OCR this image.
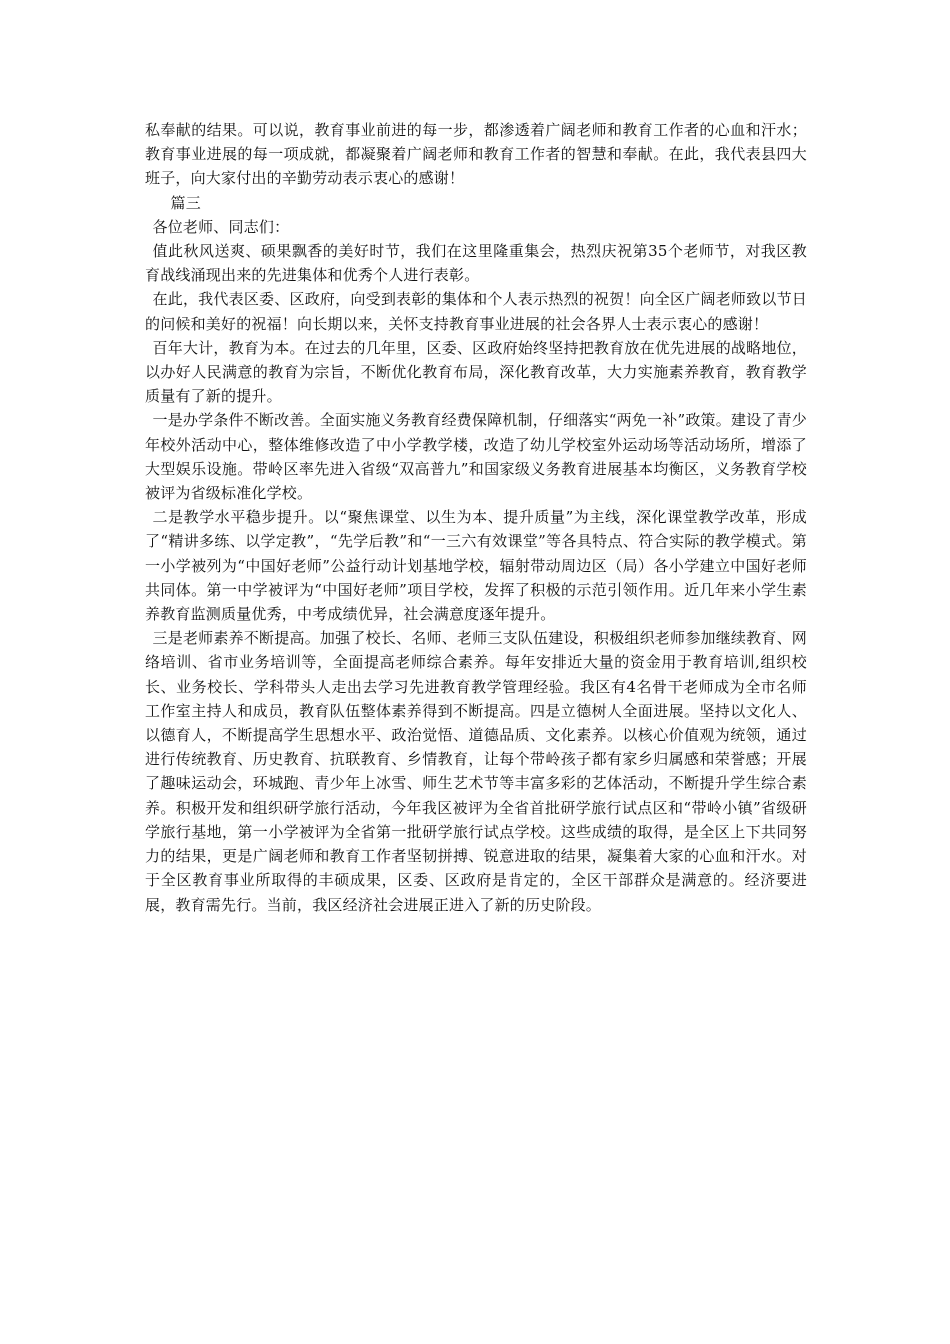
私奉献的结果。可以说，教育事业前进的每一步，都渗透着广阔老师和教育工作者的心血和汗水；教育事业进展的每一项成就，都凝聚着广阔老师和教育工作者的智慧和奉献。在此，我代表县四大班子，向大家付出的辛勤劳动表示衷心的感谢！

篇三

各位老师、同志们：

值此秋风送爽、硕果飘香的美好时节，我们在这里隆重集会，热烈庆祝第35个老师节，对我区教育战线涌现出来的先进集体和优秀个人进行表彰。

在此，我代表区委、区政府，向受到表彰的集体和个人表示热烈的祝贺！向全区广阔老师致以节日的问候和美好的祝福！向长期以来，关怀支持教育事业进展的社会各界人士表示衷心的感谢！

百年大计，教育为本。在过去的几年里，区委、区政府始终坚持把教育放在优先进展的战略地位，以办好人民满意的教育为宗旨，不断优化教育布局，深化教育改革，大力实施素养教育，教育教学质量有了新的提升。

一是办学条件不断改善。全面实施义务教育经费保障机制，仔细落实“两免一补”政策。建设了青少年校外活动中心，整体维修改造了中小学教学楼，改造了幼儿学校室外运动场等活动场所，增添了大型娱乐设施。带岭区率先进入省级“双高普九”和国家级义务教育进展基本均衡区，义务教育学校被评为省级标准化学校。

二是教学水平稳步提升。以“聚焦课堂、以生为本、提升质量”为主线，深化课堂教学改革，形成了“精讲多练、以学定教”，“先学后教”和“一三六有效课堂”等各具特点、符合实际的教学模式。第一小学被列为“中国好老师”公益行动计划基地学校，辐射带动周边区（局）各小学建立中国好老师共同体。第一中学被评为“中国好老师”项目学校，发挥了积极的示范引领作用。近几年来小学生素养教育监测质量优秀，中考成绩优异，社会满意度逐年提升。

三是老师素养不断提高。加强了校长、名师、老师三支队伍建设，积极组织老师参加继续教育、网络培训、省市业务培训等，全面提高老师综合素养。每年安排近大量的资金用于教育培训,组织校长、业务校长、学科带头人走出去学习先进教育教学管理经验。我区有4名骨干老师成为全市名师工作室主持人和成员，教育队伍整体素养得到不断提高。四是立德树人全面进展。坚持以文化人、以德育人，不断提高学生思想水平、政治觉悟、道德品质、文化素养。以核心价值观为统领，通过进行传统教育、历史教育、抗联教育、乡情教育，让每个带岭孩子都有家乡归属感和荣誉感；开展了趣味运动会，环城跑、青少年上冰雪、师生艺术节等丰富多彩的艺体活动，不断提升学生综合素养。积极开发和组织研学旅行活动，今年我区被评为全省首批研学旅行试点区和“带岭小镇”省级研学旅行基地，第一小学被评为全省第一批研学旅行试点学校。这些成绩的取得，是全区上下共同努力的结果，更是广阔老师和教育工作者坚韧拼搏、锐意进取的结果，凝集着大家的心血和汗水。对于全区教育事业所取得的丰硕成果，区委、区政府是肯定的，全区干部群众是满意的。经济要进展，教育需先行。当前，我区经济社会进展正进入了新的历史阶段。
